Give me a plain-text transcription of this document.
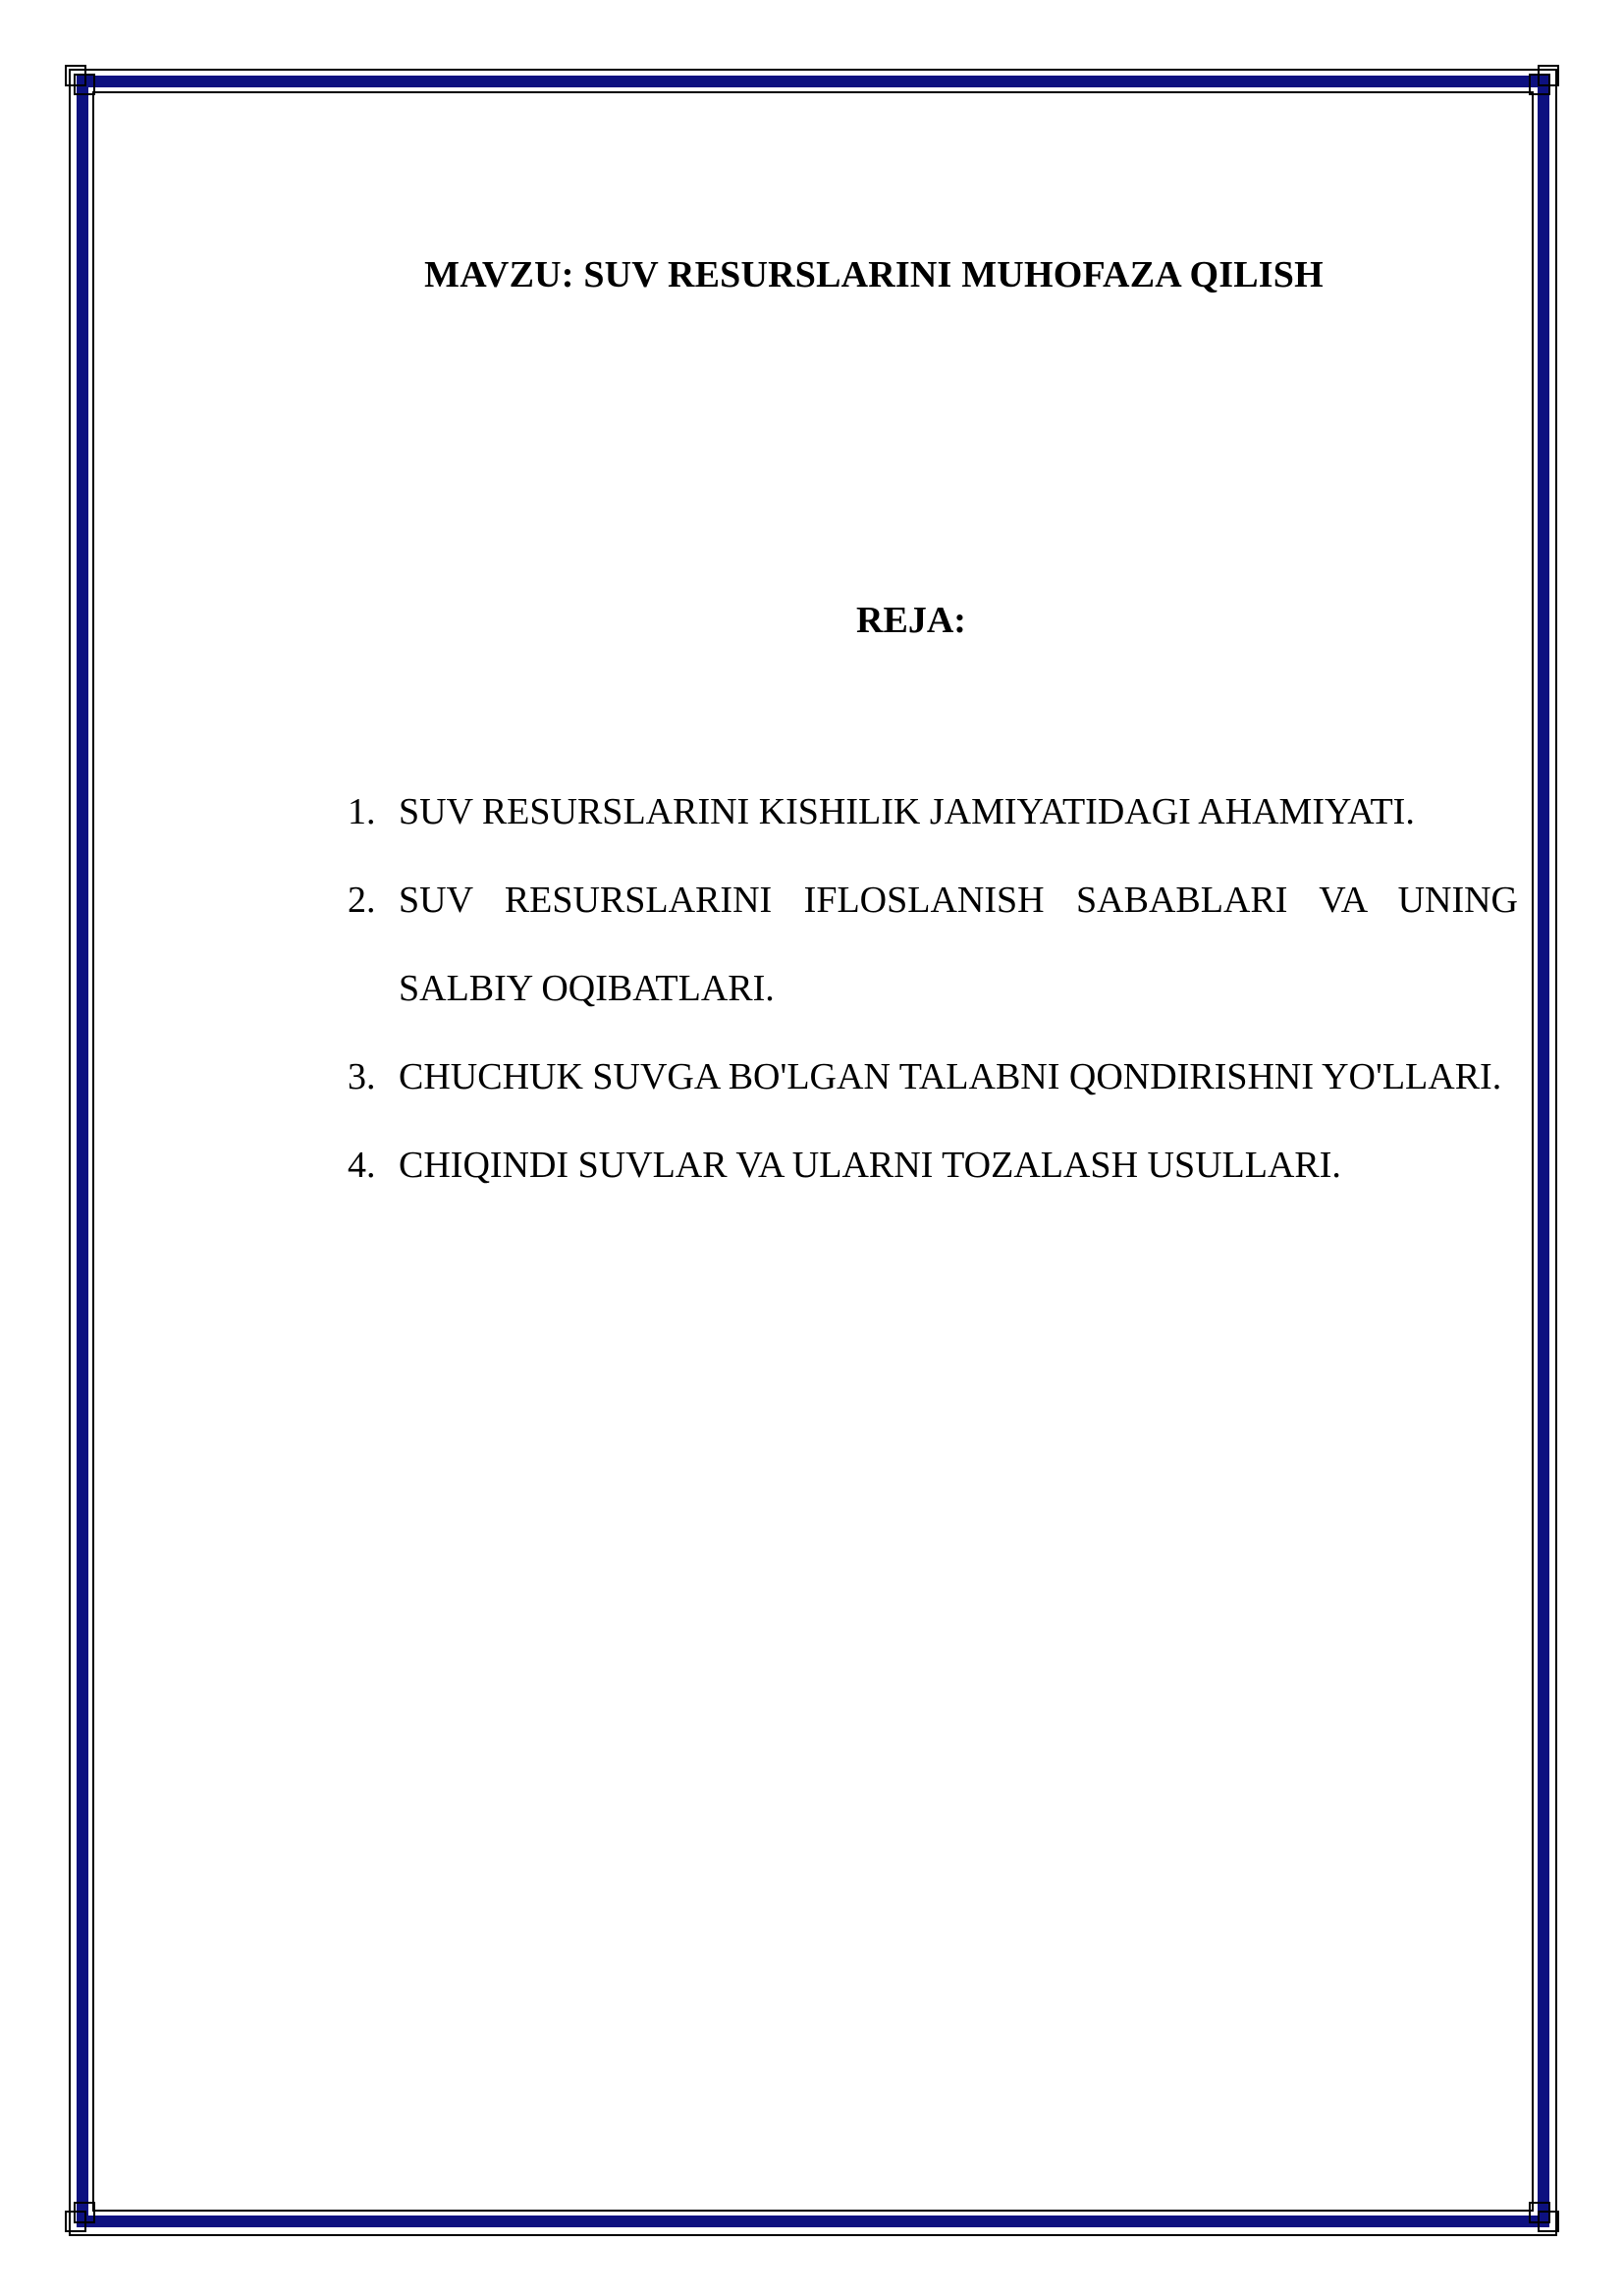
MAVZU: SUV RESURSLARINI MUHOFAZA QILISH
REJA:
1. SUV RESURSLARINI KISHILIK JAMIYATIDAGI AHAMIYATI.
2. SUV RESURSLARINI IFLOSLANISH SABABLARI VA UNING SALBIY OQIBATLARI.
3. CHUCHUK SUVGA BO'LGAN TALABNI QONDIRISHNI YO'LLARI.
4. CHIQINDI SUVLAR VA ULARNI TOZALASH USULLARI.
